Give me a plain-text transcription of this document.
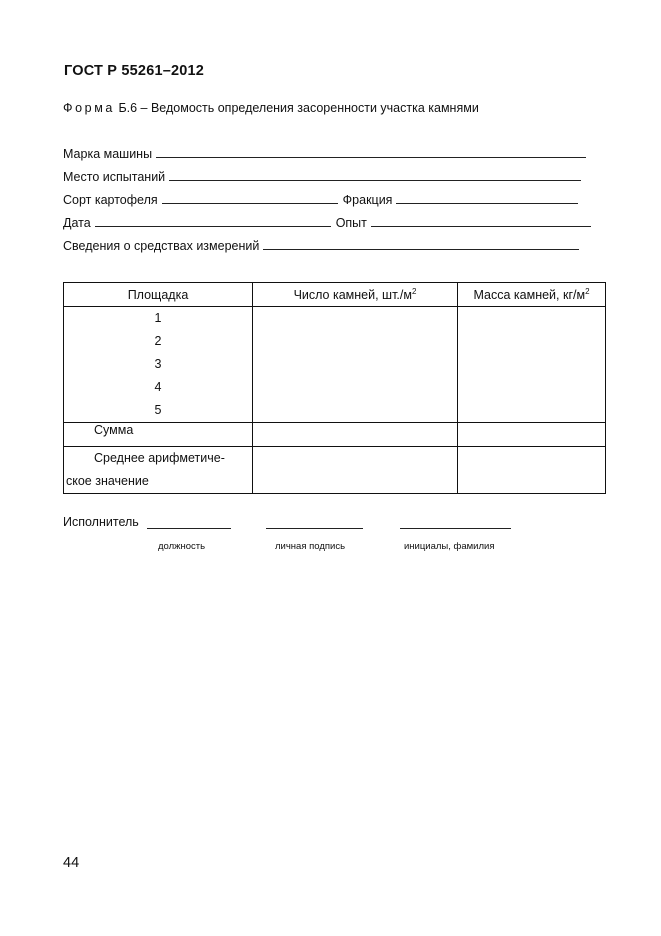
ГОСТ Р 55261–2012
Форма Б.6 – Ведомость определения засоренности участка камнями
Марка машины
Место испытаний
Сорт картофеля	Фракция
Дата	Опыт
Сведения о средствах измерений
Площадка	Число камней, $шт./м^2$	Масса камней, $кг/м^2$

1
2
3
4
5		

Сумма		
Среднее арифметиче-
ское значение		

Исполнитель
должность	личная подпись	инициалы, фамилия
44
